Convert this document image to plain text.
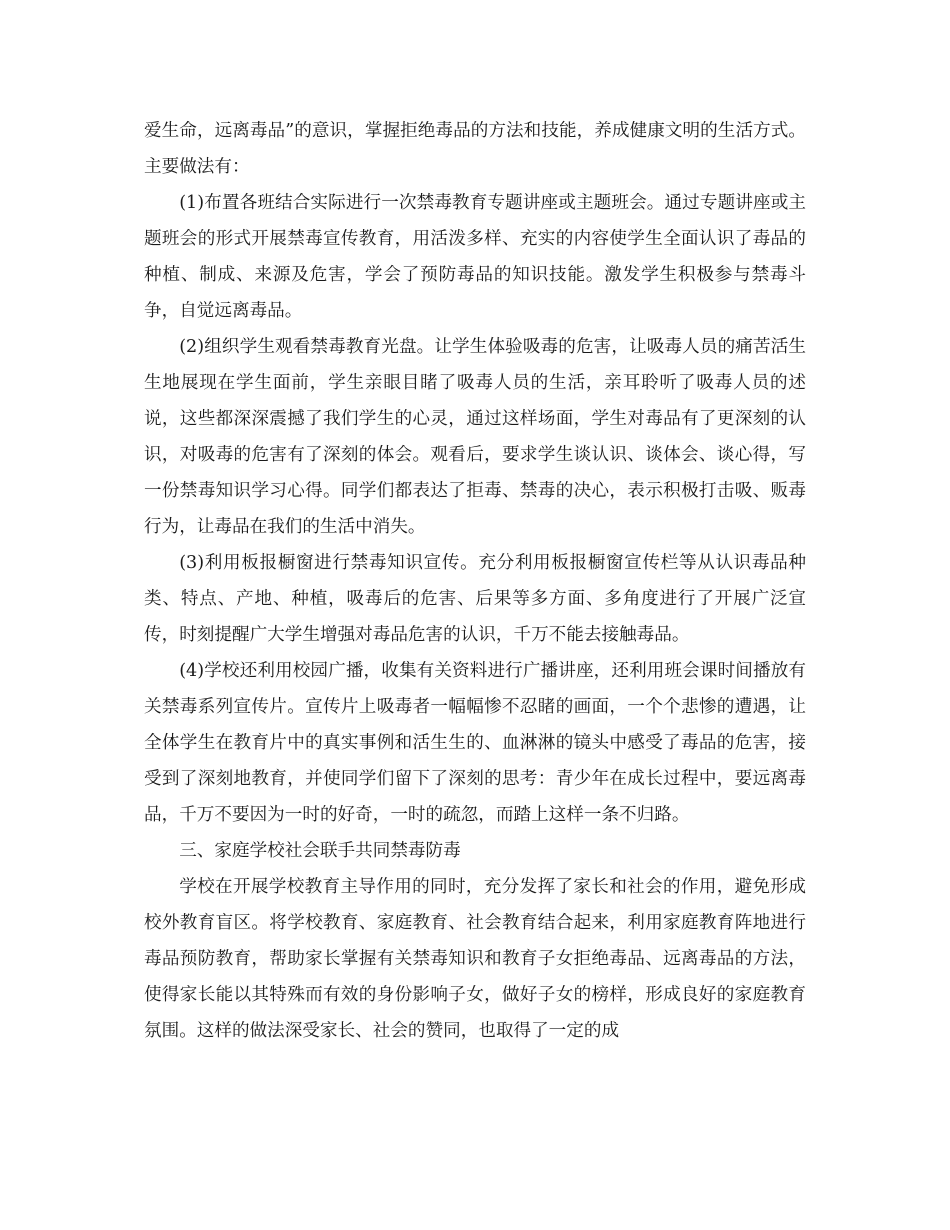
爱生命，远离毒品”的意识，掌握拒绝毒品的方法和技能，养成健康文明的生活方式。主要做法有：

(1)布置各班结合实际进行一次禁毒教育专题讲座或主题班会。通过专题讲座或主题班会的形式开展禁毒宣传教育，用活泼多样、充实的内容使学生全面认识了毒品的种植、制成、来源及危害，学会了预防毒品的知识技能。激发学生积极参与禁毒斗争，自觉远离毒品。

(2)组织学生观看禁毒教育光盘。让学生体验吸毒的危害，让吸毒人员的痛苦活生生地展现在学生面前，学生亲眼目睹了吸毒人员的生活，亲耳聆听了吸毒人员的述说，这些都深深震撼了我们学生的心灵，通过这样场面，学生对毒品有了更深刻的认识，对吸毒的危害有了深刻的体会。观看后，要求学生谈认识、谈体会、谈心得，写一份禁毒知识学习心得。同学们都表达了拒毒、禁毒的决心，表示积极打击吸、贩毒行为，让毒品在我们的生活中消失。

(3)利用板报橱窗进行禁毒知识宣传。充分利用板报橱窗宣传栏等从认识毒品种类、特点、产地、种植，吸毒后的危害、后果等多方面、多角度进行了开展广泛宣传，时刻提醒广大学生增强对毒品危害的认识，千万不能去接触毒品。

(4)学校还利用校园广播，收集有关资料进行广播讲座，还利用班会课时间播放有关禁毒系列宣传片。宣传片上吸毒者一幅幅惨不忍睹的画面，一个个悲惨的遭遇，让全体学生在教育片中的真实事例和活生生的、血淋淋的镜头中感受了毒品的危害，接受到了深刻地教育，并使同学们留下了深刻的思考：青少年在成长过程中，要远离毒品，千万不要因为一时的好奇，一时的疏忽，而踏上这样一条不归路。

三、家庭学校社会联手共同禁毒防毒

学校在开展学校教育主导作用的同时，充分发挥了家长和社会的作用，避免形成校外教育盲区。将学校教育、家庭教育、社会教育结合起来，利用家庭教育阵地进行毒品预防教育，帮助家长掌握有关禁毒知识和教育子女拒绝毒品、远离毒品的方法，使得家长能以其特殊而有效的身份影响子女，做好子女的榜样，形成良好的家庭教育氛围。这样的做法深受家长、社会的赞同，也取得了一定的成
